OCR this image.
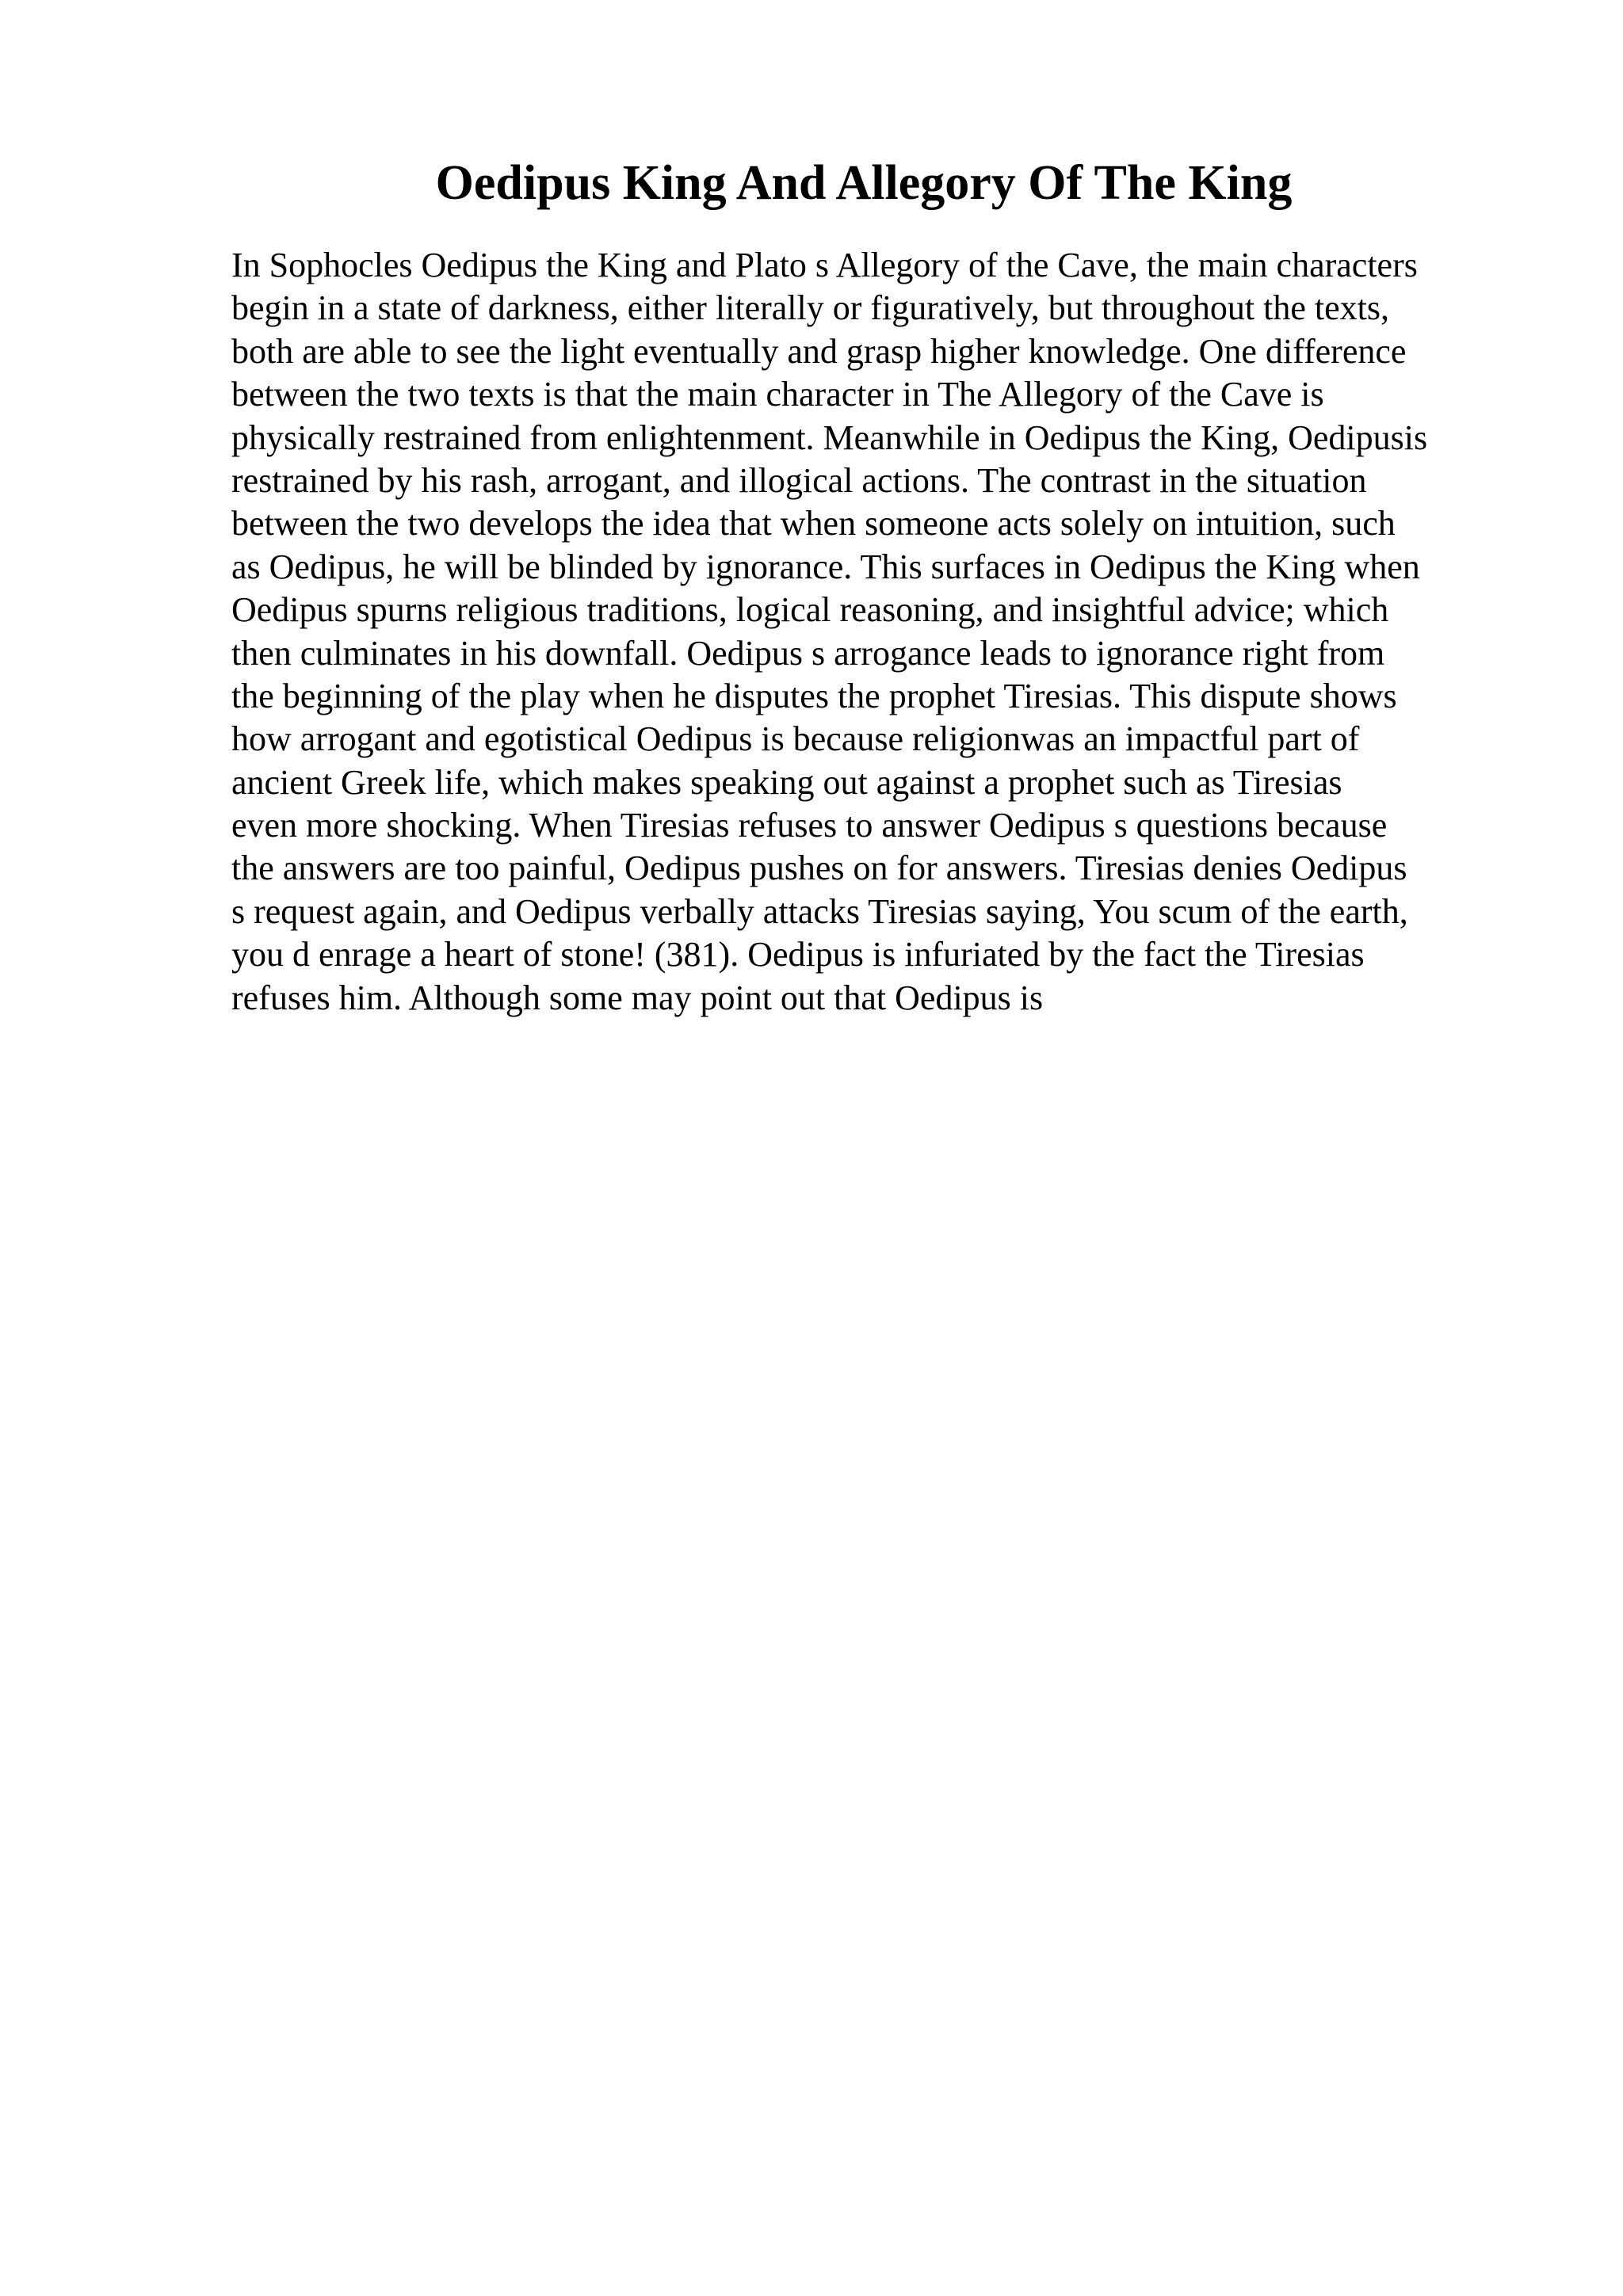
Oedipus King And Allegory Of The King
In Sophocles Oedipus the King and Plato s Allegory of the Cave, the main characters
begin in a state of darkness, either literally or figuratively, but throughout the texts,
both are able to see the light eventually and grasp higher knowledge. One difference
between the two texts is that the main character in The Allegory of the Cave is
physically restrained from enlightenment. Meanwhile in Oedipus the King, Oedipusis
restrained by his rash, arrogant, and illogical actions. The contrast in the situation
between the two develops the idea that when someone acts solely on intuition, such
as Oedipus, he will be blinded by ignorance. This surfaces in Oedipus the King when
Oedipus spurns religious traditions, logical reasoning, and insightful advice; which
then culminates in his downfall. Oedipus s arrogance leads to ignorance right from
the beginning of the play when he disputes the prophet Tiresias. This dispute shows
how arrogant and egotistical Oedipus is because religionwas an impactful part of
ancient Greek life, which makes speaking out against a prophet such as Tiresias
even more shocking. When Tiresias refuses to answer Oedipus s questions because
the answers are too painful, Oedipus pushes on for answers. Tiresias denies Oedipus
s request again, and Oedipus verbally attacks Tiresias saying, You scum of the earth,
you d enrage a heart of stone! (381). Oedipus is infuriated by the fact the Tiresias
refuses him. Although some may point out that Oedipus is
